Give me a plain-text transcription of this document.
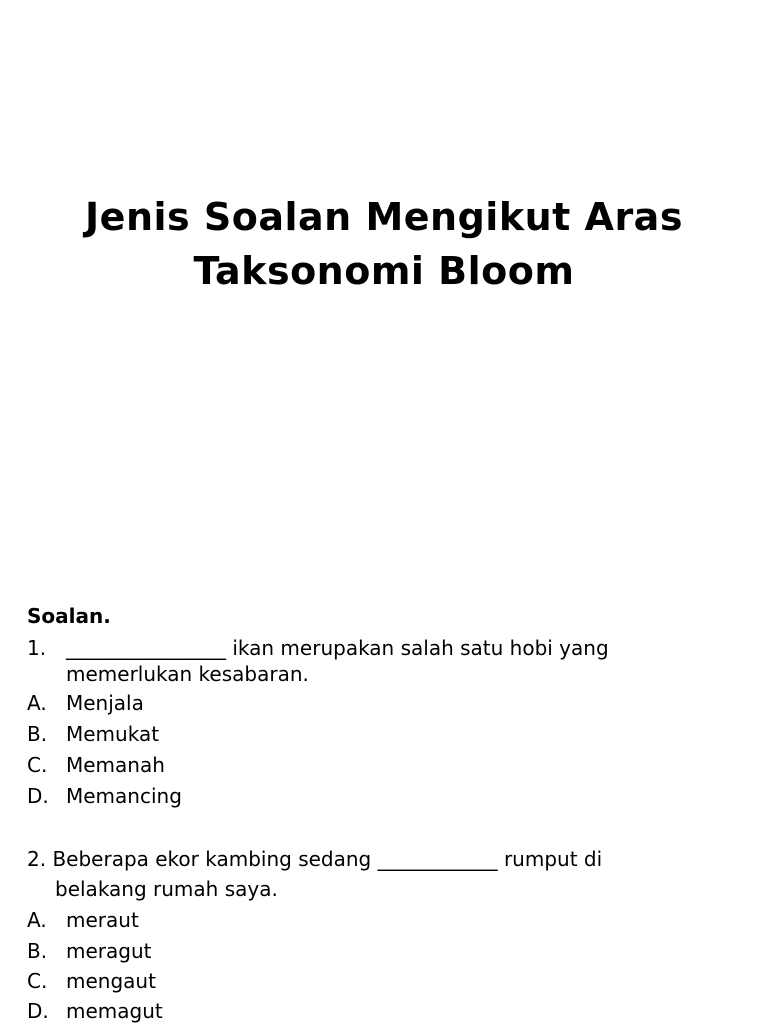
Jenis Soalan Mengikut Aras
Taksonomi Bloom
Soalan.
1. ________________ ikan merupakan salah satu hobi yang
memerlukan kesabaran.
A. Menjala
B. Memukat
C. Memanah
D. Memancing
2. Beberapa ekor kambing sedang ____________ rumput di
belakang rumah saya.
A. meraut
B. meragut
C. mengaut
D. memagut
